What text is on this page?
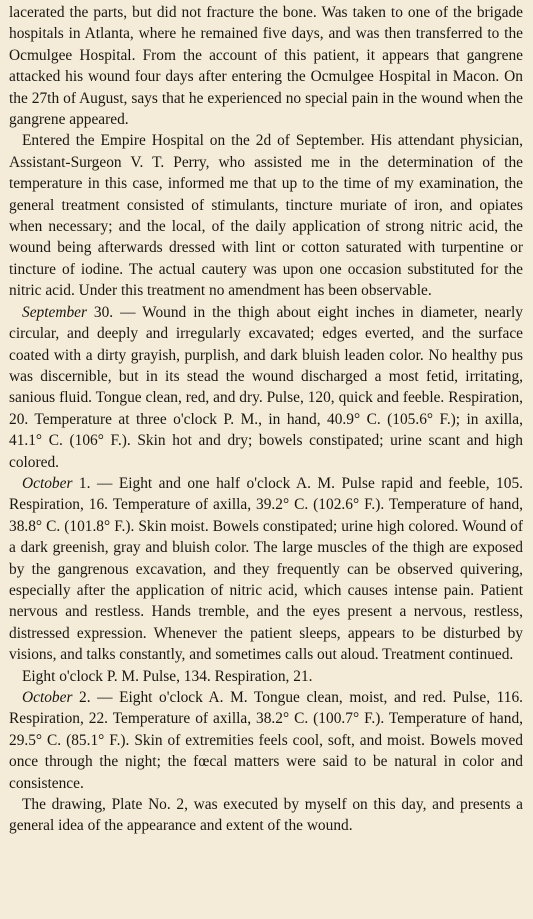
lacerated the parts, but did not fracture the bone. Was taken to one of the brigade hospitals in Atlanta, where he remained five days, and was then transferred to the Ocmulgee Hospital. From the account of this patient, it appears that gangrene attacked his wound four days after entering the Ocmulgee Hospital in Macon. On the 27th of August, says that he experienced no special pain in the wound when the gangrene appeared.

Entered the Empire Hospital on the 2d of September. His attendant physician, Assistant-Surgeon V. T. Perry, who assisted me in the determination of the temperature in this case, informed me that up to the time of my examination, the general treatment consisted of stimulants, tincture muriate of iron, and opiates when necessary; and the local, of the daily application of strong nitric acid, the wound being afterwards dressed with lint or cotton saturated with turpentine or tincture of iodine. The actual cautery was upon one occasion substituted for the nitric acid. Under this treatment no amendment has been observable.

September 30. — Wound in the thigh about eight inches in diameter, nearly circular, and deeply and irregularly excavated; edges everted, and the surface coated with a dirty grayish, purplish, and dark bluish leaden color. No healthy pus was discernible, but in its stead the wound discharged a most fetid, irritating, sanious fluid. Tongue clean, red, and dry. Pulse, 120, quick and feeble. Respiration, 20. Temperature at three o'clock P. M., in hand, 40.9° C. (105.6° F.); in axilla, 41.1° C. (106° F.). Skin hot and dry; bowels constipated; urine scant and high colored.

October 1. — Eight and one half o'clock A. M. Pulse rapid and feeble, 105. Respiration, 16. Temperature of axilla, 39.2° C. (102.6° F.). Temperature of hand, 38.8° C. (101.8° F.). Skin moist. Bowels constipated; urine high colored. Wound of a dark greenish, gray and bluish color. The large muscles of the thigh are exposed by the gangrenous excavation, and they frequently can be observed quivering, especially after the application of nitric acid, which causes intense pain. Patient nervous and restless. Hands tremble, and the eyes present a nervous, restless, distressed expression. Whenever the patient sleeps, appears to be disturbed by visions, and talks constantly, and sometimes calls out aloud. Treatment continued.

Eight o'clock P. M. Pulse, 134. Respiration, 21.

October 2. — Eight o'clock A. M. Tongue clean, moist, and red. Pulse, 116. Respiration, 22. Temperature of axilla, 38.2° C. (100.7° F.). Temperature of hand, 29.5° C. (85.1° F.). Skin of extremities feels cool, soft, and moist. Bowels moved once through the night; the fœcal matters were said to be natural in color and consistence.

The drawing, Plate No. 2, was executed by myself on this day, and presents a general idea of the appearance and extent of the wound.
